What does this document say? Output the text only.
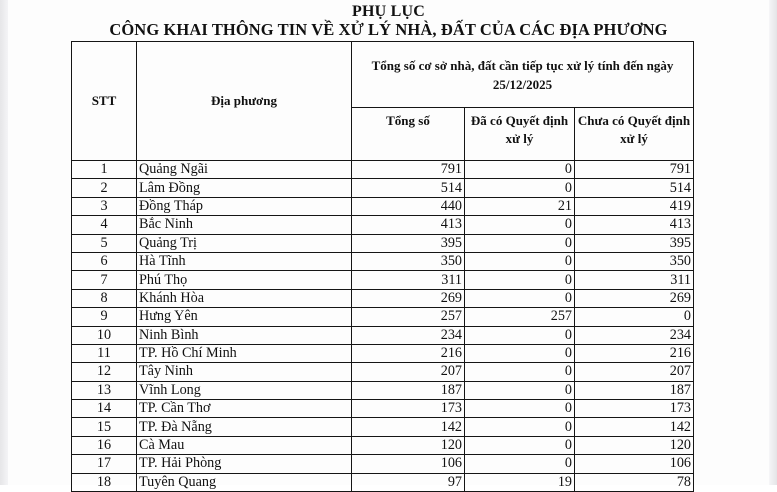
PHỤ LỤC
CÔNG KHAI THÔNG TIN VỀ XỬ LÝ NHÀ, ĐẤT CỦA CÁC ĐỊA PHƯƠNG
STT	Địa phương	Tổng số cơ sở nhà, đất cần tiếp tục xử lý tính đến ngày 25/12/2025		
		Tổng số	Đã có Quyết định xử lý	Chưa có Quyết định xử lý
1	Quảng Ngãi	791	0	791
2	Lâm Đồng	514	0	514
3	Đồng Tháp	440	21	419
4	Bắc Ninh	413	0	413
5	Quảng Trị	395	0	395
6	Hà Tĩnh	350	0	350
7	Phú Thọ	311	0	311
8	Khánh Hòa	269	0	269
9	Hưng Yên	257	257	0
10	Ninh Bình	234	0	234
11	TP. Hồ Chí Minh	216	0	216
12	Tây Ninh	207	0	207
13	Vĩnh Long	187	0	187
14	TP. Cần Thơ	173	0	173
15	TP. Đà Nẵng	142	0	142
16	Cà Mau	120	0	120
17	TP. Hải Phòng	106	0	106
18	Tuyên Quang	97	19	78
